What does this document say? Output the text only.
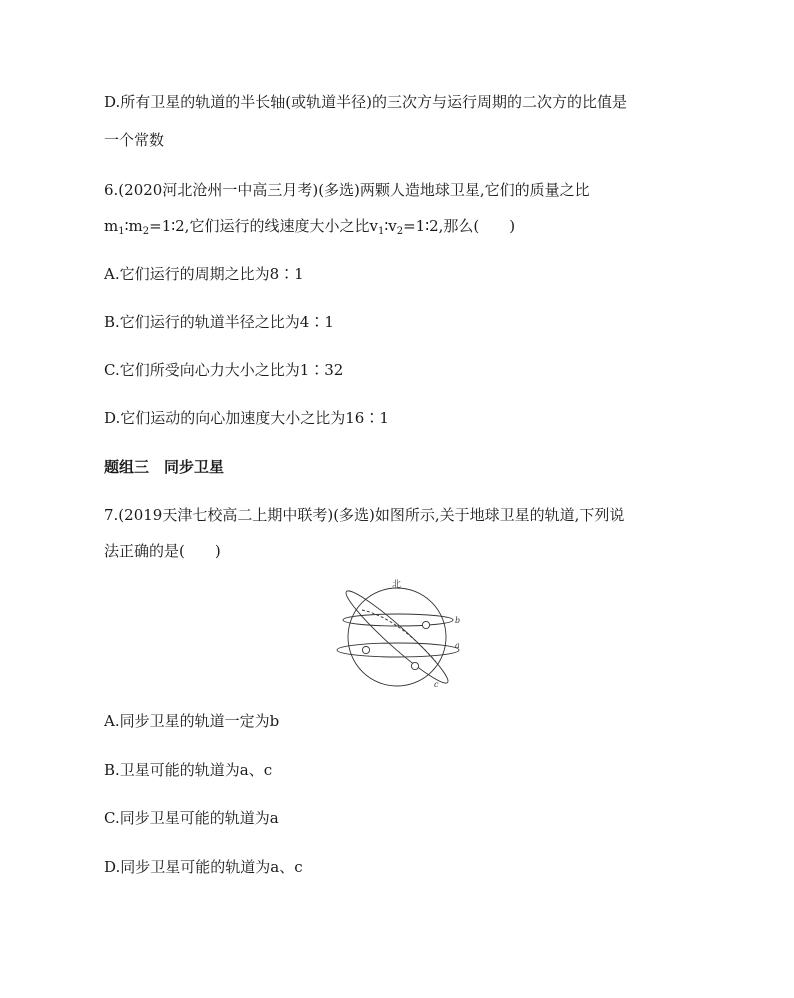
D.所有卫星的轨道的半长轴(或轨道半径)的三次方与运行周期的二次方的比值是
一个常数
6.(2020河北沧州一中高三月考)(多选)两颗人造地球卫星,它们的质量之比
$m_1∶m_2=1∶2$,它们运行的线速度大小之比$v_1∶v_2=1∶2$,那么(　　)
A.它们运行的周期之比为8∶1
B.它们运行的轨道半径之比为4∶1
C.它们所受向心力大小之比为1∶32
D.它们运动的向心加速度大小之比为16∶1
题组三　同步卫星
7.(2019天津七校高二上期中联考)(多选)如图所示,关于地球卫星的轨道,下列说
法正确的是(　　)
北
b
a
c
A.同步卫星的轨道一定为b
B.卫星可能的轨道为a、c
C.同步卫星可能的轨道为a
D.同步卫星可能的轨道为a、c
